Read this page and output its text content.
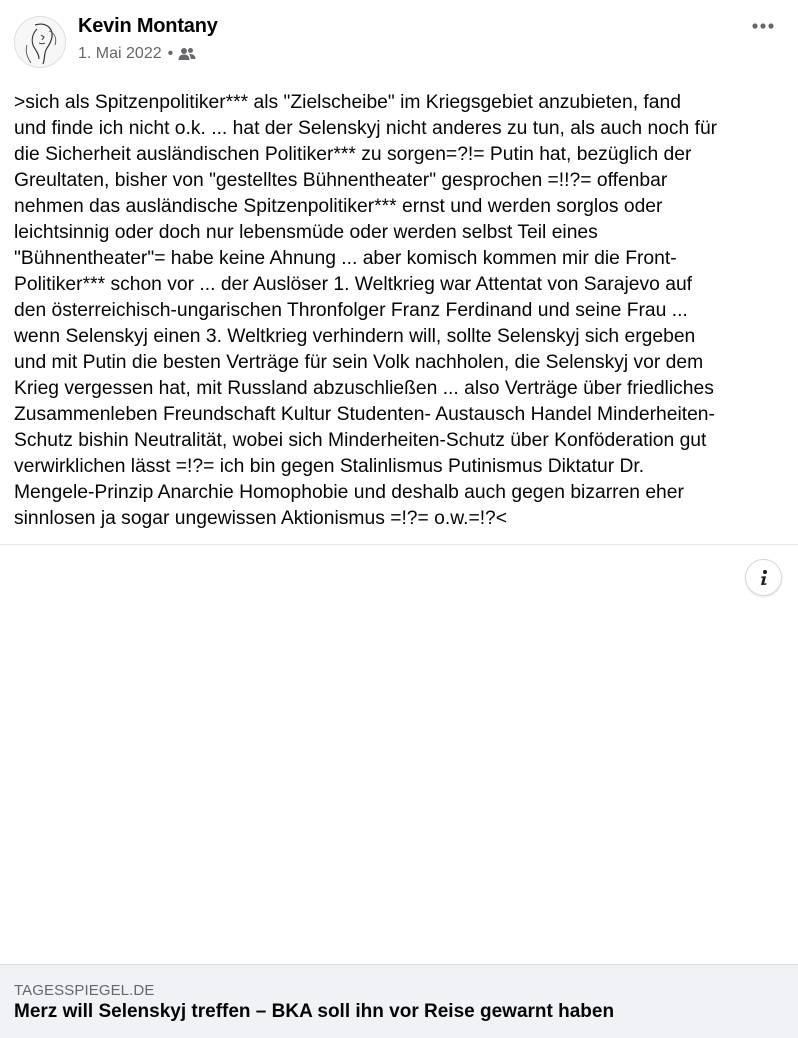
Kevin Montany
1. Mai 2022 •
>sich als Spitzenpolitiker*** als "Zielscheibe" im Kriegsgebiet anzubieten, fand
und finde ich nicht o.k. ... hat der Selenskyj nicht anderes zu tun, als auch noch für
die Sicherheit ausländischen Politiker*** zu sorgen=?!= Putin hat, bezüglich der
Greultaten, bisher von "gestelltes Bühnentheater" gesprochen =!!?= offenbar
nehmen das ausländische Spitzenpolitiker*** ernst und werden sorglos oder
leichtsinnig oder doch nur lebensmüde oder werden selbst Teil eines
"Bühnentheater"= habe keine Ahnung ... aber komisch kommen mir die Front-
Politiker*** schon vor ... der Auslöser 1. Weltkrieg war Attentat von Sarajevo auf
den österreichisch-ungarischen Thronfolger Franz Ferdinand und seine Frau ...
wenn Selenskyj einen 3. Weltkrieg verhindern will, sollte Selenskyj sich ergeben
und mit Putin die besten Verträge für sein Volk nachholen, die Selenskyj vor dem
Krieg vergessen hat, mit Russland abzuschließen ... also Verträge über friedliches
Zusammenleben Freundschaft Kultur Studenten- Austausch Handel Minderheiten-
Schutz bishin Neutralität, wobei sich Minderheiten-Schutz über Konföderation gut
verwirklichen lässt =!?= ich bin gegen Stalinlismus Putinismus Diktatur Dr.
Mengele-Prinzip Anarchie Homophobie und deshalb auch gegen bizarren eher
sinnlosen ja sogar ungewissen Aktionismus =!?= o.w.=!?<
TAGESSPIEGEL.DE
Merz will Selenskyj treffen – BKA soll ihn vor Reise gewarnt haben
